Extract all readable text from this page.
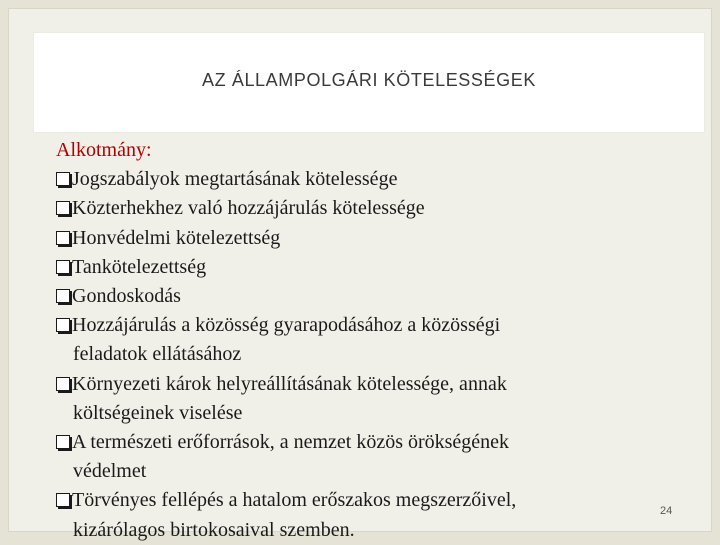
AZ ÁLLAMPOLGÁRI KÖTELESSÉGEK
Alkotmány:
Jogszabályok megtartásának kötelessége
Közterhekhez való hozzájárulás kötelessége
Honvédelmi kötelezettség
Tankötelezettség
Gondoskodás
Hozzájárulás a közösség gyarapodásához a közösségi
feladatok ellátásához
Környezeti károk helyreállításának kötelessége, annak
költségeinek viselése
A természeti erőforrások, a nemzet közös örökségének
védelmet
Törvényes fellépés a hatalom erőszakos megszerzőivel,
kizárólagos birtokosaival szemben.
24
